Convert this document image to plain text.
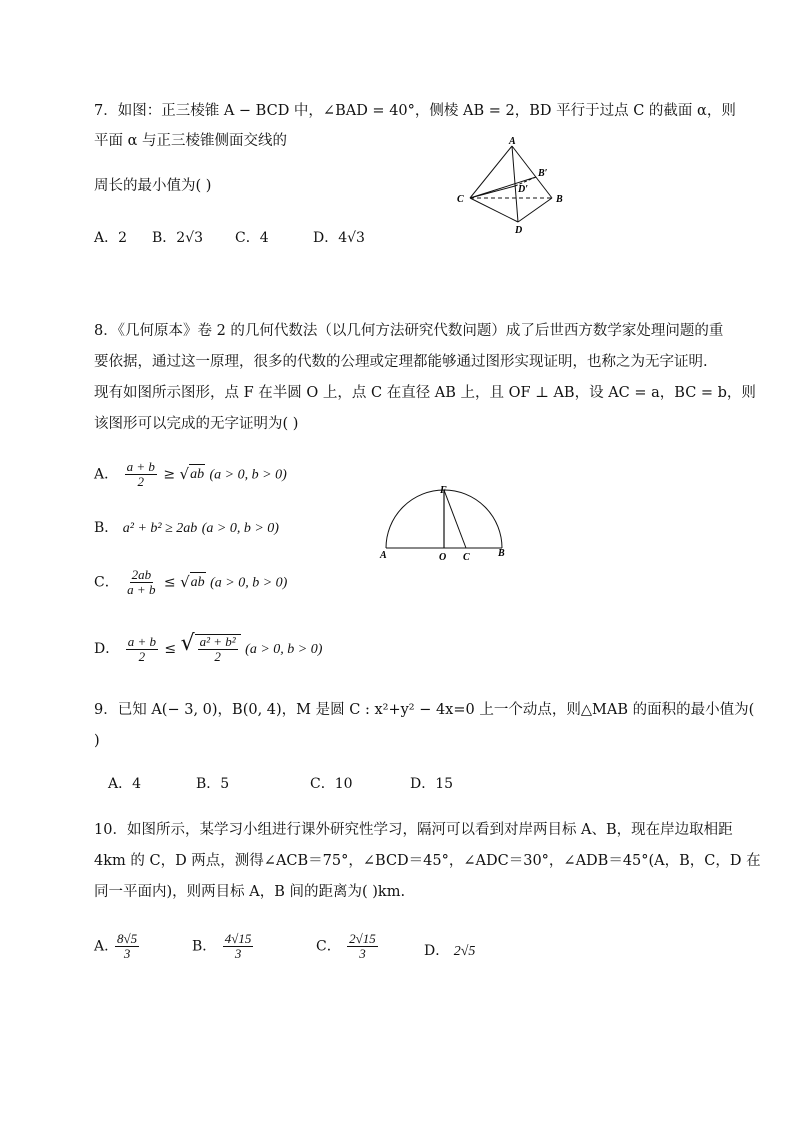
7．如图：正三棱锥 A − BCD 中，∠BAD = 40°，侧棱 AB = 2，BD 平行于过点 C 的截面 α，则
平面 α 与正三棱锥侧面交线的
周长的最小值为( )
A
B′
D′
C	B
D
A．2 B．2√3 C．4	D．4√3
8．《几何原本》卷 2 的几何代数法（以几何方法研究代数问题）成了后世西方数学家处理问题的重
要依据，通过这一原理，很多的代数的公理或定理都能够通过图形实现证明，也称之为无字证明.
现有如图所示图形，点 F 在半圆 O 上，点 C 在直径 AB 上，且 OF ⊥ AB，设 AC = a，BC = b，则
该图形可以完成的无字证明为( )
A． $\frac{a + b}{2}$ ≥ √ ab (a > 0, b > 0)
B． a² + b² ≥ 2ab (a > 0, b > 0)
C． $\frac{2ab}{a + b}$ ≤ √ ab (a > 0, b > 0)
D． $\frac{a + b}{2}$ ≤ √ $\frac{\text{a² + b²}}{2} (a > 0$, b > 0)
F
A	O C	B
9．已知 A(− 3, 0)，B(0, 4)，M 是圆 C : x²+y² − 4x=0 上一个动点，则△MAB 的面积的最小值为(
)
A．4	B．5	C．10	D．15
10．如图所示，某学习小组进行课外研究性学习，隔河可以看到对岸两目标 A、B，现在岸边取相距
4km 的 C，D 两点，测得∠ACB＝75°，∠BCD＝45°，∠ADC＝30°，∠ADB＝45°(A，B，C，D 在
同一平面内)，则两目标 A，B 间的距离为( )km.
A. $\frac{8√5}{3}$	B． $\frac{4√15}{3}$	C． $\frac{2√15}{3}$	D． 2√5
